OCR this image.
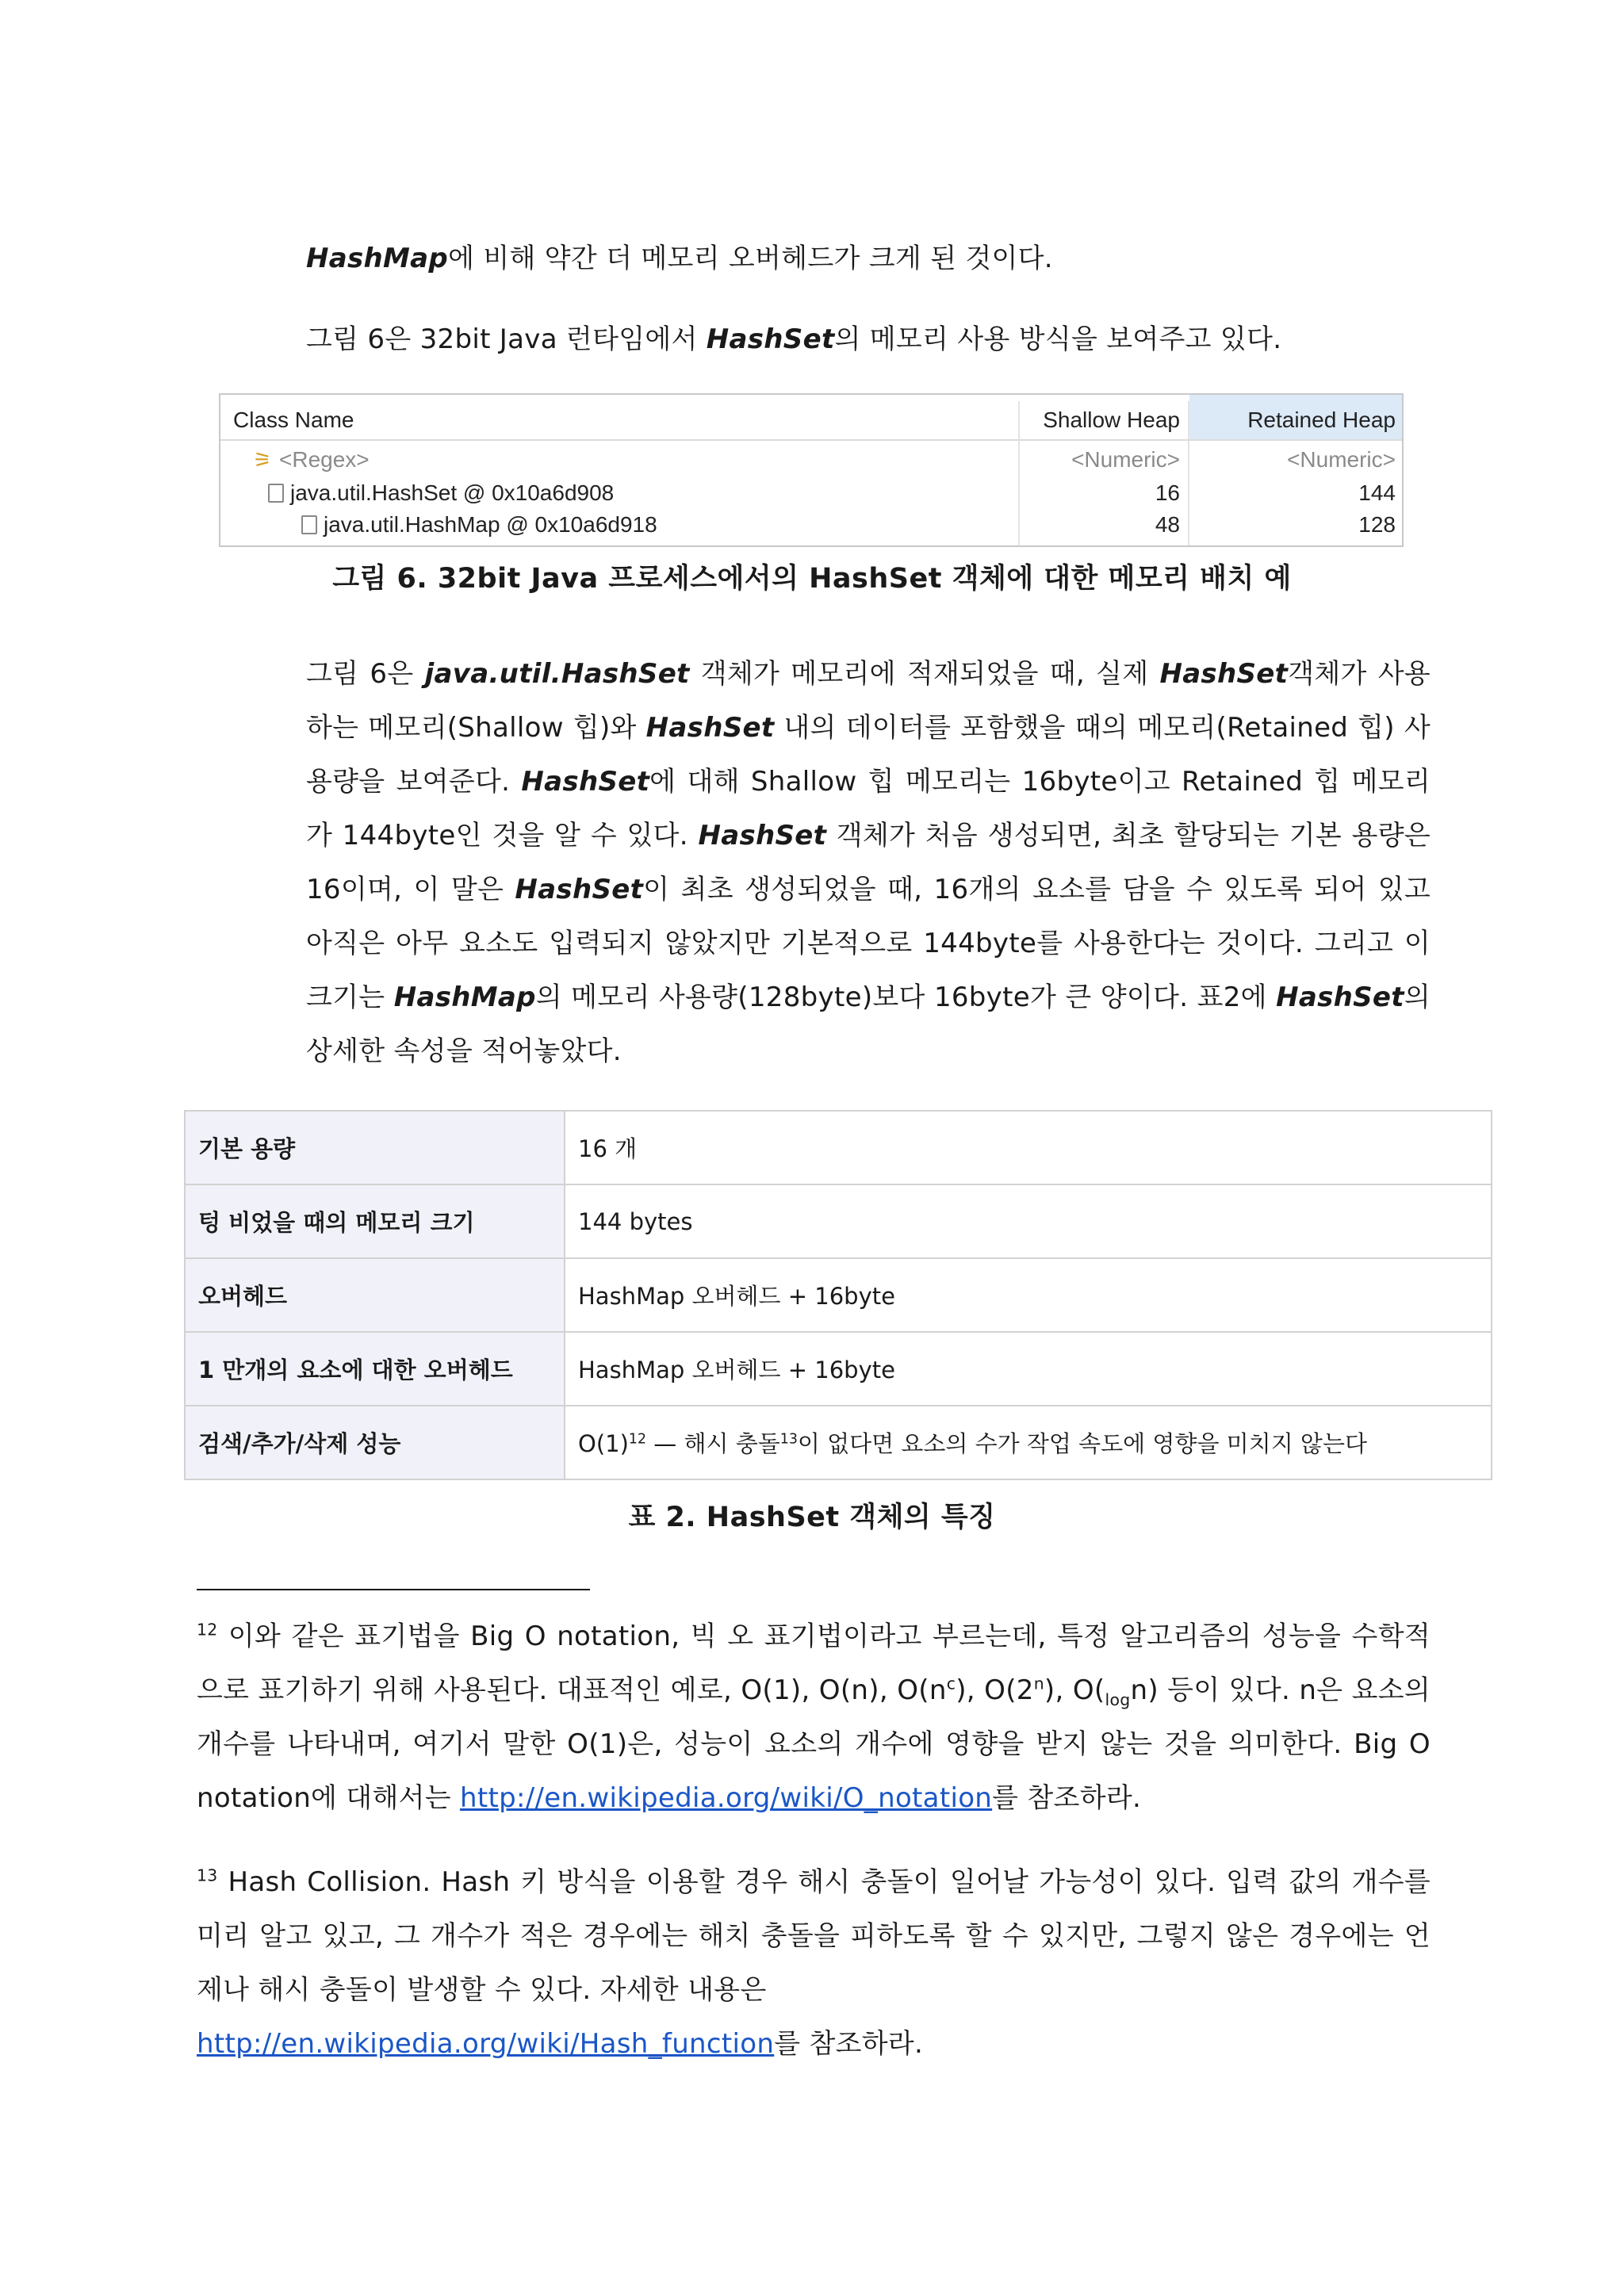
HashMap에 비해 약간 더 메모리 오버헤드가 크게 된 것이다.

그림 6은 32bit Java 런타임에서 HashSet의 메모리 사용 방식을 보여주고 있다.

Class Name	Shallow Heap	Retained Heap
⚞ <Regex>	<Numeric>	<Numeric>
java.util.HashSet @ 0x10a6d908	16	144
java.util.HashMap @ 0x10a6d918	48	128
그림 6. 32bit Java 프로세스에서의 HashSet 객체에 대한 메모리 배치 예

그림 6은 java.util.HashSet 객체가 메모리에 적재되었을 때, 실제 HashSet객체가 사용하는 메모리(Shallow 힙)와 HashSet 내의 데이터를 포함했을 때의 메모리(Retained 힙) 사용량을 보여준다. HashSet에 대해 Shallow 힙 메모리는 16byte이고 Retained 힙 메모리가 144byte인 것을 알 수 있다. HashSet 객체가 처음 생성되면, 최초 할당되는 기본 용량은 16이며, 이 말은 HashSet이 최초 생성되었을 때, 16개의 요소를 담을 수 있도록 되어 있고 아직은 아무 요소도 입력되지 않았지만 기본적으로 144byte를 사용한다는 것이다. 그리고 이 크기는 HashMap의 메모리 사용량(128byte)보다 16byte가 큰 양이다. 표2에 HashSet의 상세한 속성을 적어놓았다.

기본 용량	16 개
텅 비었을 때의 메모리 크기	144 bytes
오버헤드	HashMap 오버헤드 + 16byte
1 만개의 요소에 대한 오버헤드	HashMap 오버헤드 + 16byte
검색/추가/삭제 성능	$O(1)^{12}$ — 해시 충돌$^{13}$이 없다면 요소의 수가 작업 속도에 영향을 미치지 않는다
표 2. HashSet 객체의 특징

$^{12}$ 이와 같은 표기법을 Big O notation, 빅 오 표기법이라고 부르는데, 특정 알고리즘의 성능을 수학적으로 표기하기 위해 사용된다. 대표적인 예로, O(1), O(n), $O(n^c)$, O(2$^n$), $O(_{log}n)$ 등이 있다. n은 요소의 개수를 나타내며, 여기서 말한 O(1)은, 성능이 요소의 개수에 영향을 받지 않는 것을 의미한다. Big O notation에 대해서는 http://en.wikipedia.org/wiki/O_notation를 참조하라.

$^{13}$ Hash Collision. Hash 키 방식을 이용할 경우 해시 충돌이 일어날 가능성이 있다. 입력 값의 개수를 미리 알고 있고, 그 개수가 적은 경우에는 해치 충돌을 피하도록 할 수 있지만, 그렇지 않은 경우에는 언제나 해시 충돌이 발생할 수 있다. 자세한 내용은
http://en.wikipedia.org/wiki/Hash_function를 참조하라.
